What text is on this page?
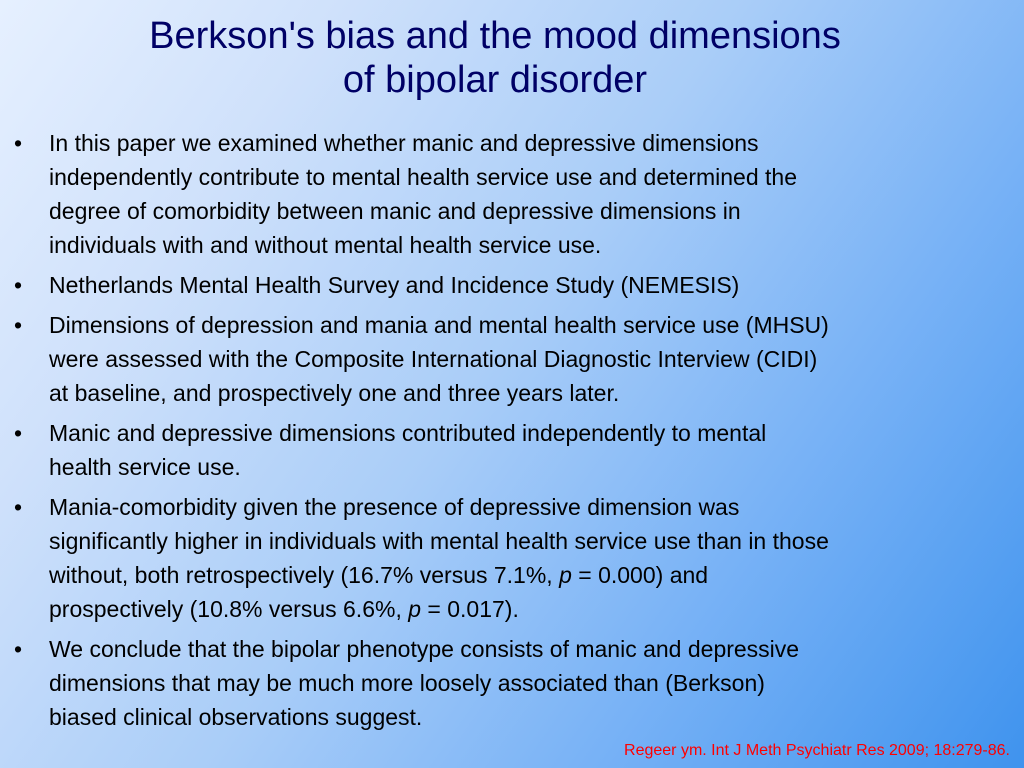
Berkson's bias and the mood dimensions
of bipolar disorder
•	In this paper we examined whether manic and depressive dimensions
independently contribute to mental health service use and determined the
degree of comorbidity between manic and depressive dimensions in
individuals with and without mental health service use.
•	Netherlands Mental Health Survey and Incidence Study (NEMESIS)
•	Dimensions of depression and mania and mental health service use (MHSU)
were assessed with the Composite International Diagnostic Interview (CIDI)
at baseline, and prospectively one and three years later.
•	Manic and depressive dimensions contributed independently to mental
health service use.
•	Mania-comorbidity given the presence of depressive dimension was
significantly higher in individuals with mental health service use than in those
without, both retrospectively (16.7% versus 7.1%, p = 0.000) and
prospectively (10.8% versus 6.6%, p = 0.017).
•	We conclude that the bipolar phenotype consists of manic and depressive
dimensions that may be much more loosely associated than (Berkson)
biased clinical observations suggest.
Regeer ym. Int J Meth Psychiatr Res 2009; 18:279-86.
